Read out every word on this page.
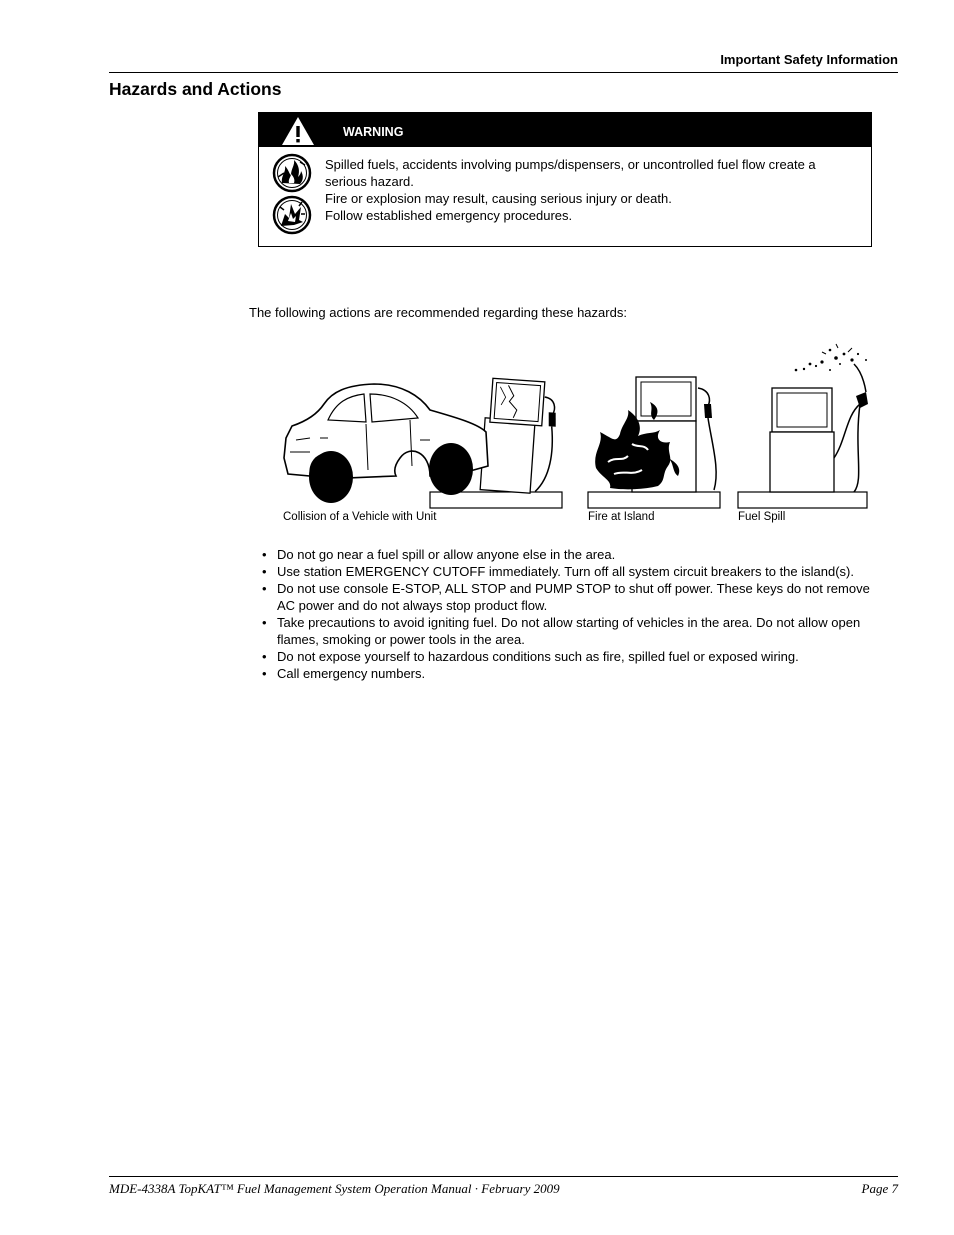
Important Safety Information
Hazards and Actions
WARNING

Spilled fuels, accidents involving pumps/dispensers, or uncontrolled fuel flow create a serious hazard.

Fire or explosion may result, causing serious injury or death.

Follow established emergency procedures.

The following actions are recommended regarding these hazards:
Collision of a Vehicle with Unit	Fire at Island	Fuel Spill
• Do not go near a fuel spill or allow anyone else in the area.
• Use station EMERGENCY CUTOFF immediately. Turn off all system circuit breakers to the island(s).
• Do not use console E-STOP, ALL STOP and PUMP STOP to shut off power. These keys do not remove AC power and do not always stop product flow.
• Take precautions to avoid igniting fuel. Do not allow starting of vehicles in the area. Do not allow open flames, smoking or power tools in the area.
• Do not expose yourself to hazardous conditions such as fire, spilled fuel or exposed wiring.
• Call emergency numbers.
MDE-4338A TopKAT™ Fuel Management System Operation Manual · February 2009	Page 7
